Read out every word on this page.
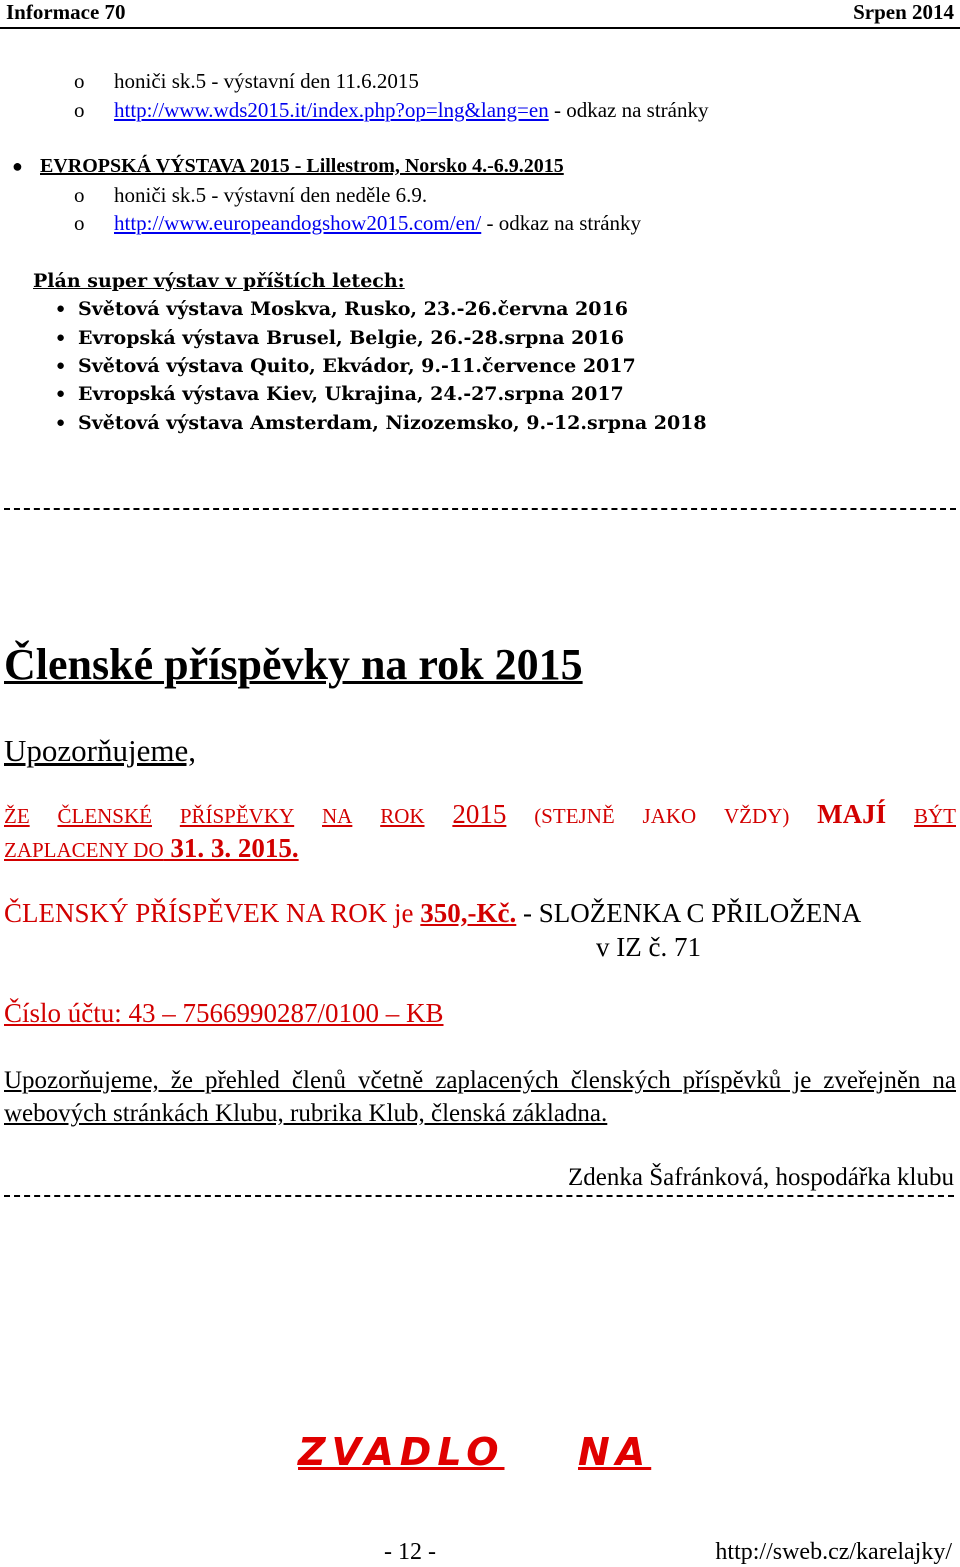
Informace 70	Srpen 2014
o honiči sk.5 - výstavní den 11.6.2015
o http://www.wds2015.it/index.php?op=lng&lang=en - odkaz na stránky
● EVROPSKÁ VÝSTAVA 2015 - Lillestrom, Norsko 4.-6.9.2015
o honiči sk.5 - výstavní den neděle 6.9.
o http://www.europeandogshow2015.com/en/ - odkaz na stránky
Plán super výstav v příštích letech:
● Světová výstava Moskva, Rusko, 23.-26.června 2016
● Evropská výstava Brusel, Belgie, 26.-28.srpna 2016
● Světová výstava Quito, Ekvádor, 9.-11.července 2017
● Evropská výstava Kiev, Ukrajina, 24.-27.srpna 2017
● Světová výstava Amsterdam, Nizozemsko, 9.-12.srpna 2018
Členské příspěvky na rok 2015
Upozorňujeme,
ŽE ČLENSKÉ PŘÍSPĚVKY NA ROK 2015 (STEJNĚ JAKO VŽDY) MAJÍ BÝT
ZAPLACENY DO 31. 3. 2015.
ČLENSKÝ PŘÍSPĚVEK NA ROK je 350,-Kč. - SLOŽENKA C PŘILOŽENA
v IZ č. 71
Číslo účtu: 43 – 7566990287/0100 – KB
Upozorňujeme, že přehled členů včetně zaplacených členských příspěvků je zveřejněn na webových stránkách Klubu, rubrika Klub, členská základna.
Zdenka Šafránková, hospodářka klubu
ZVADLO NA
- 12 -	http://sweb.cz/karelajky/
